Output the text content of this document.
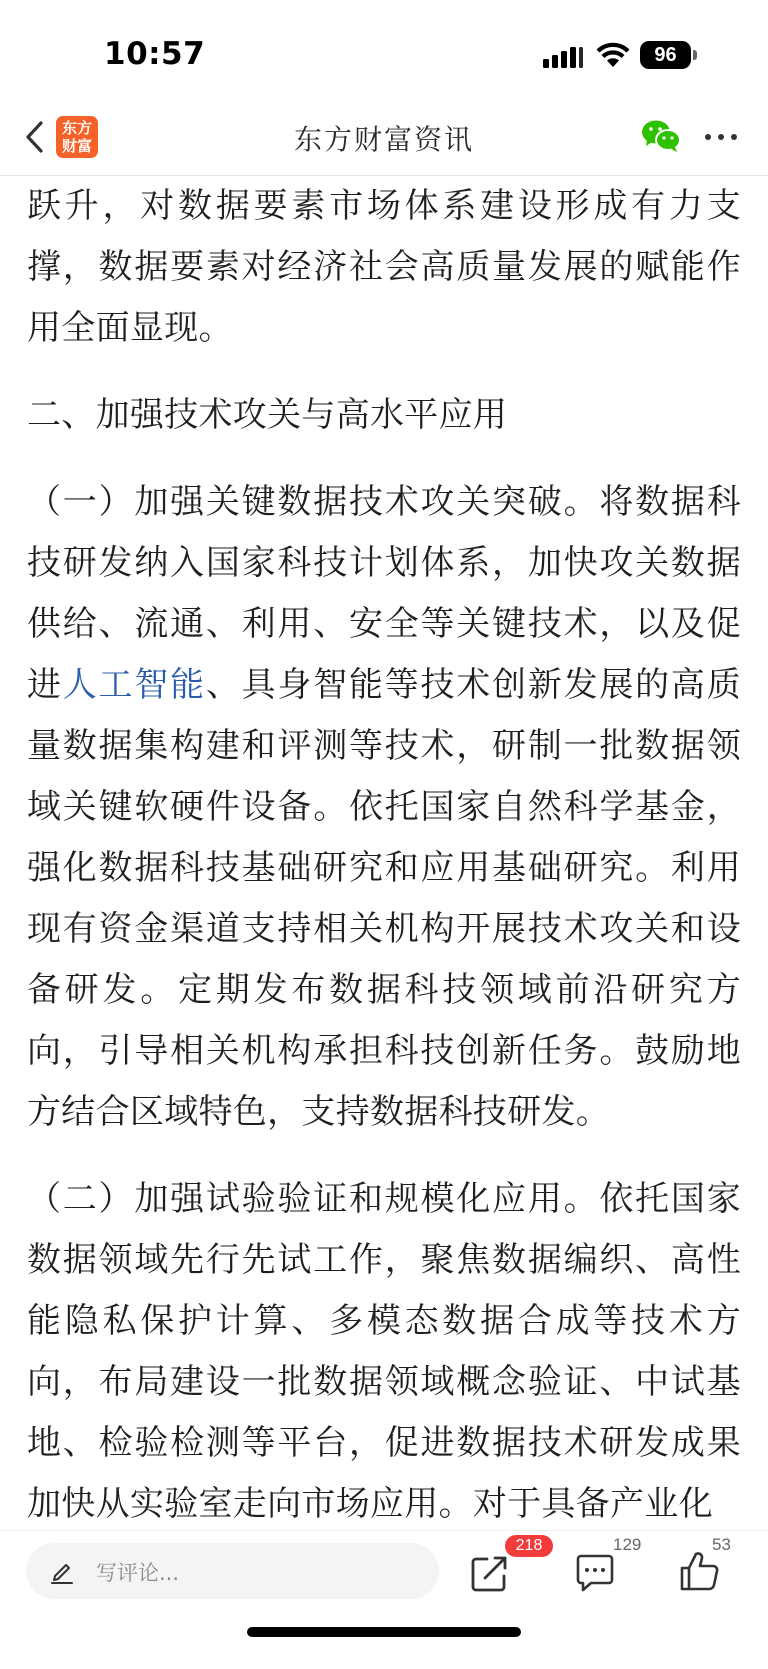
10:57	96
东方
财富	东方财富资讯

跃升，对数据要素市场体系建设形成有力支撑，数据要素对经济社会高质量发展的赋能作用全面显现。

二、加强技术攻关与高水平应用

（一）加强关键数据技术攻关突破。将数据科技研发纳入国家科技计划体系，加快攻关数据供给、流通、利用、安全等关键技术，以及促进人工智能、具身智能等技术创新发展的高质量数据集构建和评测等技术，研制一批数据领域关键软硬件设备。依托国家自然科学基金，强化数据科技基础研究和应用基础研究。利用现有资金渠道支持相关机构开展技术攻关和设备研发。定期发布数据科技领域前沿研究方向，引导相关机构承担科技创新任务。鼓励地方结合区域特色，支持数据科技研发。

（二）加强试验验证和规模化应用。依托国家数据领域先行先试工作，聚焦数据编织、高性能隐私保护计算、多模态数据合成等技术方向，布局建设一批数据领域概念验证、中试基地、检验检测等平台，促进数据技术研发成果加快从实验室走向市场应用。对于具备产业化

写评论...
218	129	53
